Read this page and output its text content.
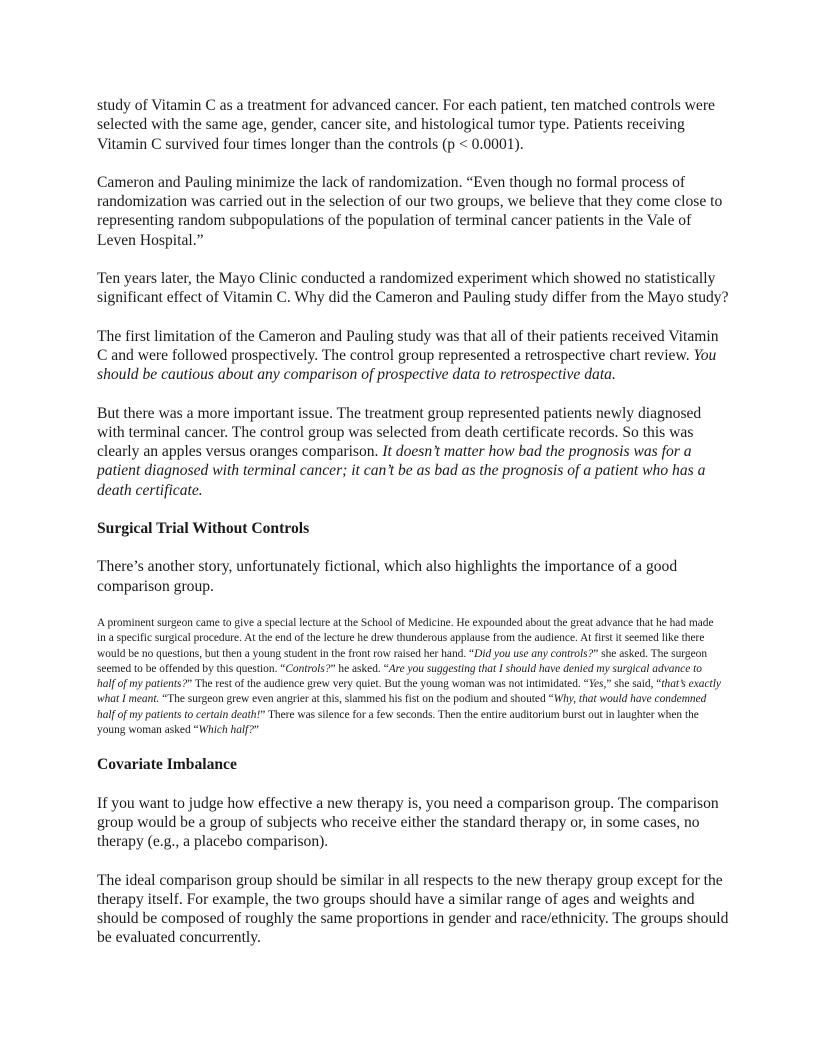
study of Vitamin C as a treatment for advanced cancer. For each patient, ten matched controls were selected with the same age, gender, cancer site, and histological tumor type. Patients receiving Vitamin C survived four times longer than the controls (p < 0.0001).

Cameron and Pauling minimize the lack of randomization. “Even though no formal process of randomization was carried out in the selection of our two groups, we believe that they come close to representing random subpopulations of the population of terminal cancer patients in the Vale of Leven Hospital.”

Ten years later, the Mayo Clinic conducted a randomized experiment which showed no statistically significant effect of Vitamin C. Why did the Cameron and Pauling study differ from the Mayo study?

The first limitation of the Cameron and Pauling study was that all of their patients received Vitamin C and were followed prospectively. The control group represented a retrospective chart review. You should be cautious about any comparison of prospective data to retrospective data.

But there was a more important issue. The treatment group represented patients newly diagnosed with terminal cancer. The control group was selected from death certificate records. So this was clearly an apples versus oranges comparison. It doesn’t matter how bad the prognosis was for a patient diagnosed with terminal cancer; it can’t be as bad as the prognosis of a patient who has a death certificate.

Surgical Trial Without Controls

There’s another story, unfortunately fictional, which also highlights the importance of a good comparison group.

A prominent surgeon came to give a special lecture at the School of Medicine. He expounded about the great advance that he had made in a specific surgical procedure. At the end of the lecture he drew thunderous applause from the audience. At first it seemed like there would be no questions, but then a young student in the front row raised her hand. “Did you use any controls?” she asked. The surgeon seemed to be offended by this question. “Controls?” he asked. “Are you suggesting that I should have denied my surgical advance to half of my patients?” The rest of the audience grew very quiet. But the young woman was not intimidated. “Yes,” she said, “that’s exactly what I meant. “The surgeon grew even angrier at this, slammed his fist on the podium and shouted “Why, that would have condemned half of my patients to certain death!” There was silence for a few seconds. Then the entire auditorium burst out in laughter when the young woman asked “Which half?”

Covariate Imbalance

If you want to judge how effective a new therapy is, you need a comparison group. The comparison group would be a group of subjects who receive either the standard therapy or, in some cases, no therapy (e.g., a placebo comparison).

The ideal comparison group should be similar in all respects to the new therapy group except for the therapy itself. For example, the two groups should have a similar range of ages and weights and should be composed of roughly the same proportions in gender and race/ethnicity. The groups should be evaluated concurrently.
